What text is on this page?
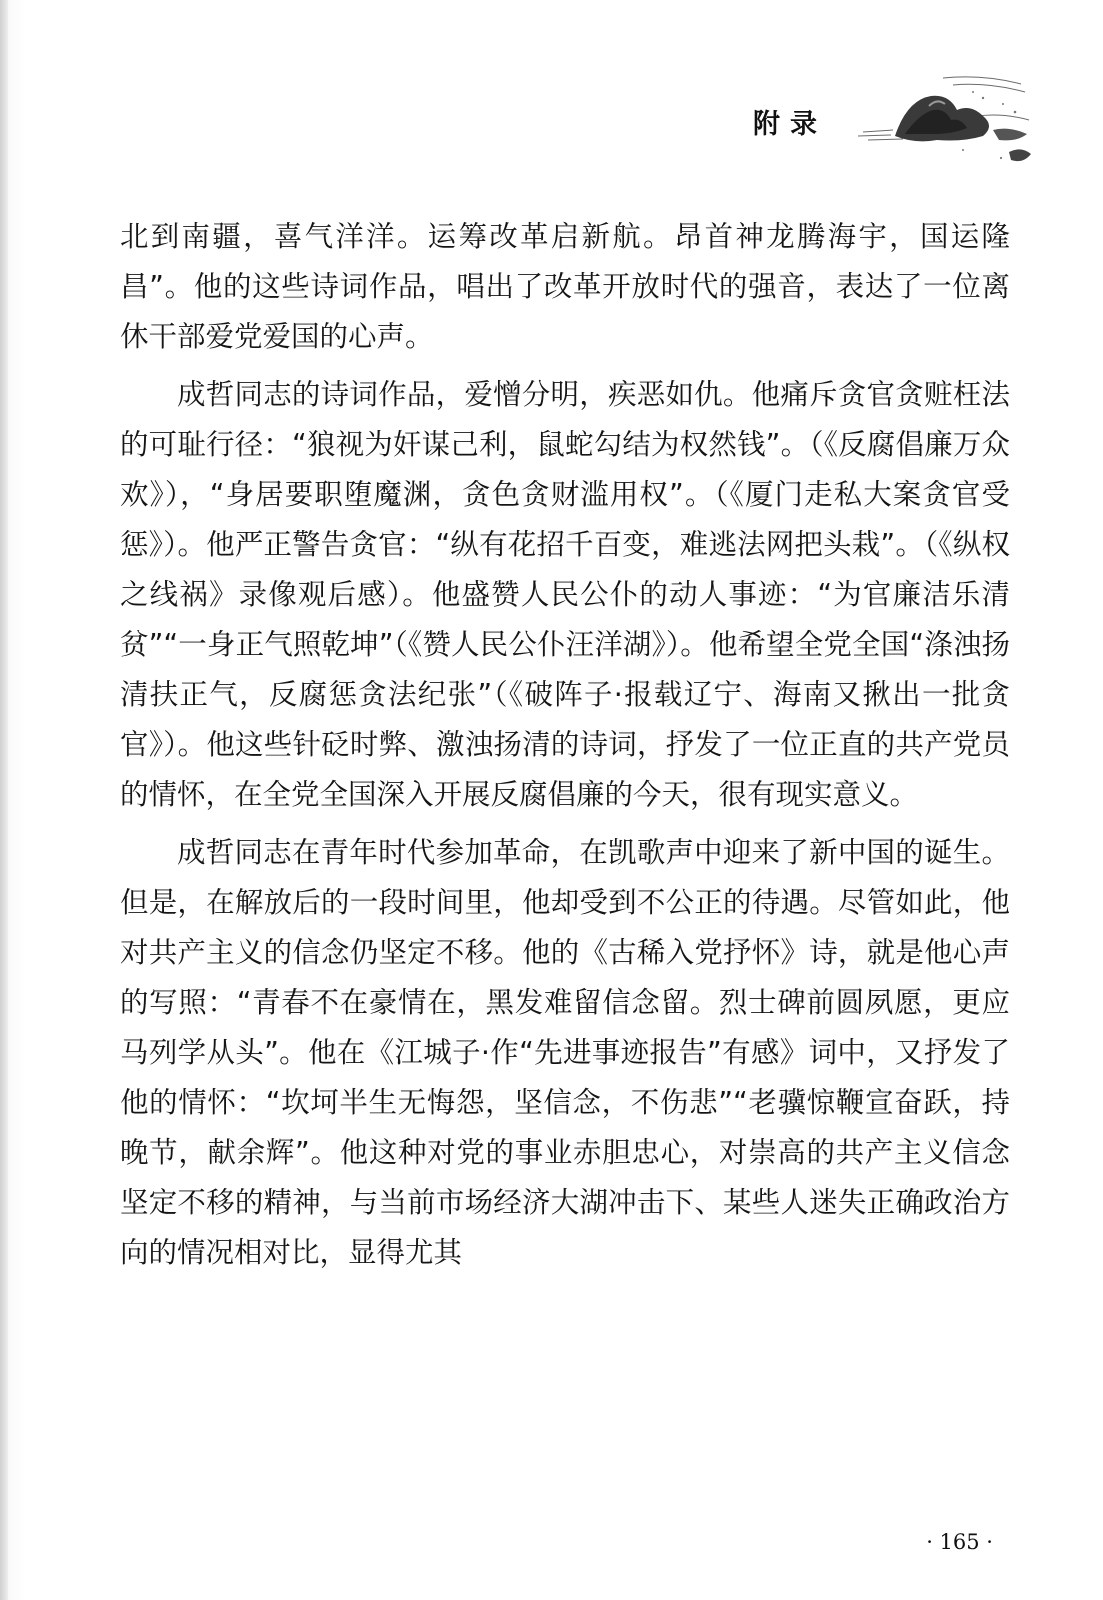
附录

北到南疆，喜气洋洋。运筹改革启新航。昂首神龙腾海宇，国运隆昌”。他的这些诗词作品，唱出了改革开放时代的强音，表达了一位离休干部爱党爱国的心声。

成哲同志的诗词作品，爱憎分明，疾恶如仇。他痛斥贪官贪赃枉法的可耻行径：“狼视为奸谋己利，鼠蛇勾结为权然钱”。（《反腐倡廉万众欢》），“身居要职堕魔渊，贪色贪财滥用权”。（《厦门走私大案贪官受惩》）。他严正警告贪官：“纵有花招千百变，难逃法网把头栽”。（《纵权之线祸》录像观后感）。他盛赞人民公仆的动人事迹：“为官廉洁乐清贫”“一身正气照乾坤”（《赞人民公仆汪洋湖》）。他希望全党全国“涤浊扬清扶正气，反腐惩贪法纪张”（《破阵子·报载辽宁、海南又揪出一批贪官》）。他这些针砭时弊、激浊扬清的诗词，抒发了一位正直的共产党员的情怀，在全党全国深入开展反腐倡廉的今天，很有现实意义。

成哲同志在青年时代参加革命，在凯歌声中迎来了新中国的诞生。但是，在解放后的一段时间里，他却受到不公正的待遇。尽管如此，他对共产主义的信念仍坚定不移。他的《古稀入党抒怀》诗，就是他心声的写照：“青春不在豪情在，黑发难留信念留。烈士碑前圆夙愿，更应马列学从头”。他在《江城子·作“先进事迹报告”有感》词中，又抒发了他的情怀：“坎坷半生无悔怨，坚信念，不伤悲”“老骥惊鞭宣奋跃，持晚节，献余辉”。他这种对党的事业赤胆忠心，对崇高的共产主义信念坚定不移的精神，与当前市场经济大湖冲击下、某些人迷失正确政治方向的情况相对比，显得尤其

· 165 ·
